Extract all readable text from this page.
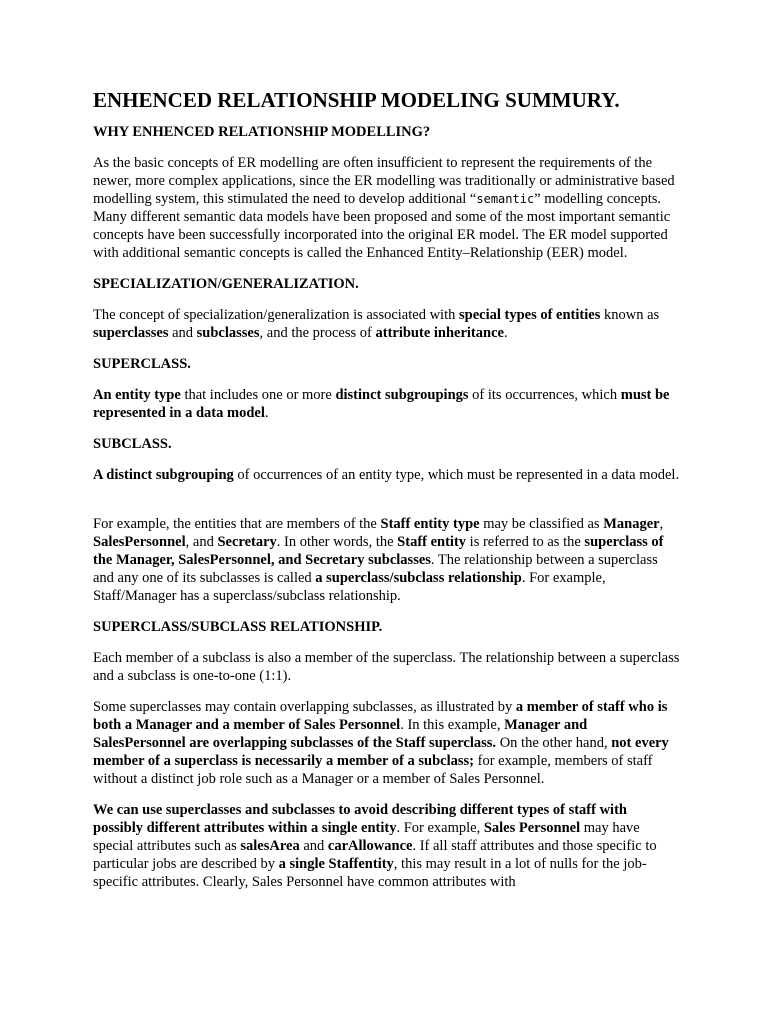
ENHENCED RELATIONSHIP MODELING SUMMURY.
WHY ENHENCED RELATIONSHIP MODELLING?

As the basic concepts of ER modelling are often insufficient to represent the requirements of the newer, more complex applications, since the ER modelling was traditionally or administrative based modelling system, this stimulated the need to develop additional “semantic” modelling concepts. Many different semantic data models have been proposed and some of the most important semantic concepts have been successfully incorporated into the original ER model. The ER model supported with additional semantic concepts is called the Enhanced Entity–Relationship (EER) model.

SPECIALIZATION/GENERALIZATION.

The concept of specialization/generalization is associated with special types of entities known as superclasses and subclasses, and the process of attribute inheritance.

SUPERCLASS.

An entity type that includes one or more distinct subgroupings of its occurrences, which must be represented in a data model.

SUBCLASS.

A distinct subgrouping of occurrences of an entity type, which must be represented in a data model.

For example, the entities that are members of the Staff entity type may be classified as Manager, SalesPersonnel, and Secretary. In other words, the Staff entity is referred to as the superclass of the Manager, SalesPersonnel, and Secretary subclasses. The relationship between a superclass and any one of its subclasses is called a superclass/subclass relationship. For example, Staff/Manager has a superclass/subclass relationship.

SUPERCLASS/SUBCLASS RELATIONSHIP.

Each member of a subclass is also a member of the superclass. The relationship between a superclass and a subclass is one-to-one (1:1).

Some superclasses may contain overlapping subclasses, as illustrated by a member of staff who is both a Manager and a member of Sales Personnel. In this example, Manager and SalesPersonnel are overlapping subclasses of the Staff superclass. On the other hand, not every member of a superclass is necessarily a member of a subclass; for example, members of staff without a distinct job role such as a Manager or a member of Sales Personnel.

We can use superclasses and subclasses to avoid describing different types of staff with possibly different attributes within a single entity. For example, Sales Personnel may have special attributes such as salesArea and carAllowance. If all staff attributes and those specific to particular jobs are described by a single Staffentity, this may result in a lot of nulls for the job-specific attributes. Clearly, Sales Personnel have common attributes with
